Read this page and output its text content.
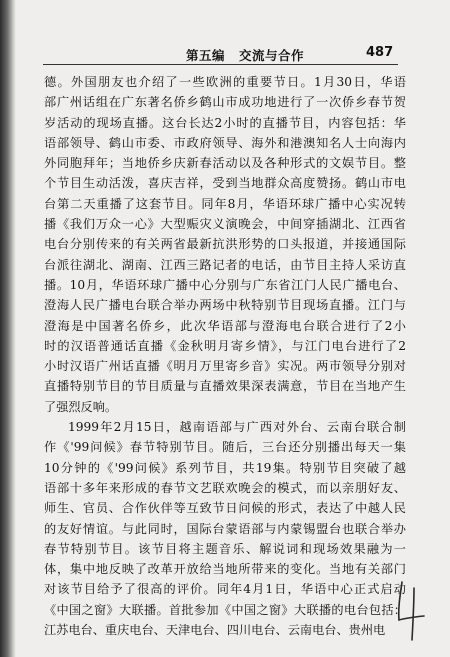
第五编 交流与合作	487
德。外国朋友也介绍了一些欧洲的重要节日。1月30日，华语
部广州话组在广东著名侨乡鹤山市成功地进行了一次侨乡春节贺
岁活动的现场直播。这台长达2小时的直播节目，内容包括：华
语部领导、鹤山市委、市政府领导、海外和港澳知名人士向海内
外同胞拜年；当地侨乡庆新春活动以及各种形式的文娱节目。整
个节目生动活泼，喜庆吉祥，受到当地群众高度赞扬。鹤山市电
台第二天重播了这套节目。同年8月，华语环球广播中心实况转
播《我们万众一心》大型赈灾义演晚会，中间穿插湖北、江西省
电台分别传来的有关两省最新抗洪形势的口头报道，并接通国际
台派往湖北、湖南、江西三路记者的电话，由节目主持人采访直
播。10月，华语环球广播中心分别与广东省江门人民广播电台、
澄海人民广播电台联合举办两场中秋特别节目现场直播。江门与
澄海是中国著名侨乡，此次华语部与澄海电台联合进行了2小
时的汉语普通话直播《金秋明月寄乡情》，与江门电台进行了2
小时汉语广州话直播《明月万里寄乡音》实况。两市领导分别对
直播特别节目的节目质量与直播效果深表满意，节目在当地产生
了强烈反响。
1999年2月15日，越南语部与广西对外台、云南台联合制
作《'99问候》春节特别节目。随后，三台还分别播出每天一集
10分钟的《'99问候》系列节目，共19集。特别节目突破了越
语部十多年来形成的春节文艺联欢晚会的模式，而以亲朋好友、
师生、官员、合作伙伴等互致节日问候的形式，表达了中越人民
的友好情谊。与此同时，国际台蒙语部与内蒙锡盟台也联合举办
春节特别节目。该节目将主题音乐、解说词和现场效果融为一
体，集中地反映了改革开放给当地所带来的变化。当地有关部门
对该节目给予了很高的评价。同年4月1日，华语中心正式启动
《中国之窗》大联播。首批参加《中国之窗》大联播的电台包括：
江苏电台、重庆电台、天津电台、四川电台、云南电台、贵州电
